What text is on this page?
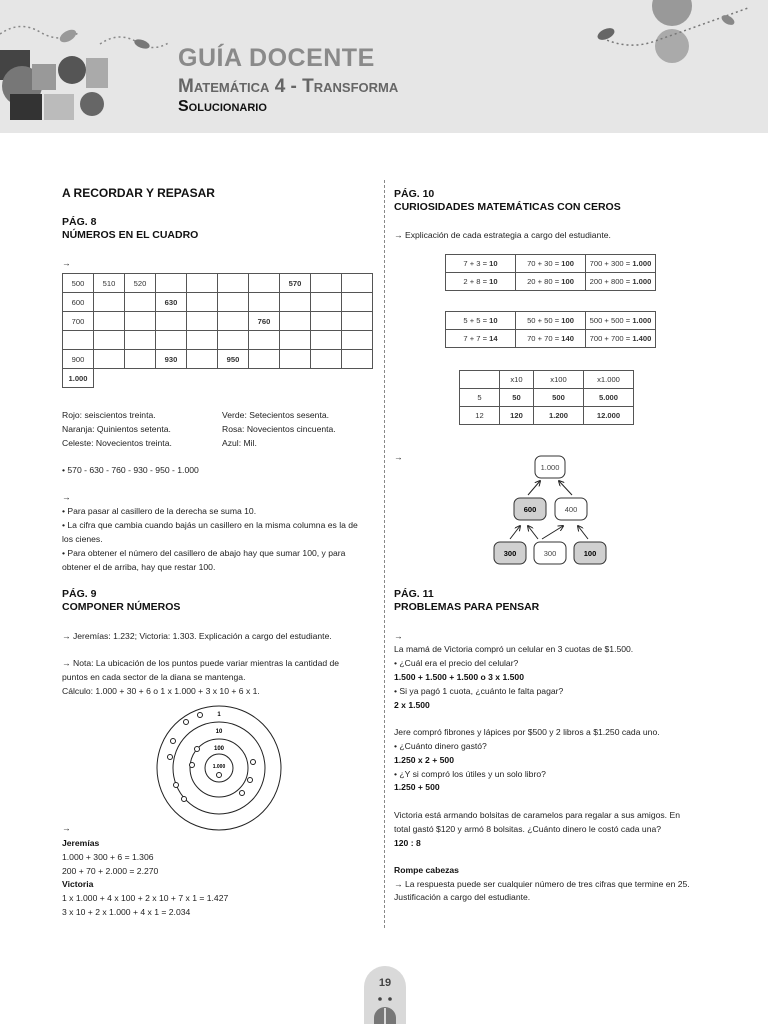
GUÍA DOCENTE
Matemática 4 - Transforma
Solucionario
A RECORDAR Y REPASAR
PÁG. 8
NÚMEROS EN EL CUADRO
→
500	510	520					570		
600			630						
700						760			

900			930		950				
1.000									
Rojo: seiscientos treinta.
Naranja: Quinientos setenta.
Celeste: Novecientos treinta.
Verde: Setecientos sesenta.
Rosa: Novecientos cincuenta.
Azul: Mil.
• 570 - 630 - 760 - 930 - 950 - 1.000
→
• Para pasar al casillero de la derecha se suma 10.
• La cifra que cambia cuando bajás un casillero en la misma columna es la de
los cienes.
• Para obtener el número del casillero de abajo hay que sumar 100, y para
obtener el de arriba, hay que restar 100.
PÁG. 9
COMPONER NÚMEROS
→ Jeremías: 1.232; Victoria: 1.303. Explicación a cargo del estudiante.
→ Nota: La ubicación de los puntos puede variar mientras la cantidad de
puntos en cada sector de la diana se mantenga.
Cálculo: 1.000 + 30 + 6 o 1 x 1.000 + 3 x 10 + 6 x 1.
1
10
100
1.000
→
Jeremías
1.000 + 300 + 6 = 1.306
200 + 70 + 2.000 = 2.270
Victoria
1 x 1.000 + 4 x 100 + 2 x 10 + 7 x 1 = 1.427
3 x 10 + 2 x 1.000 + 4 x 1 = 2.034
PÁG. 10
CURIOSIDADES MATEMÁTICAS CON CEROS
→ Explicación de cada estrategia a cargo del estudiante.
7 + 3 = 10	70 + 30 = 100	700 + 300 = 1.000
2 + 8 = 10	20 + 80 = 100	200 + 800 = 1.000
5 + 5 = 10	50 + 50 = 100	500 + 500 = 1.000
7 + 7 = 14	70 + 70 = 140	700 + 700 = 1.400
	x10	x100	x1.000
5	50	500	5.000
12	120	1.200	12.000
→
1.000
600	400
300	300	100
PÁG. 11
PROBLEMAS PARA PENSAR
→
La mamá de Victoria compró un celular en 3 cuotas de $1.500.
• ¿Cuál era el precio del celular?
1.500 + 1.500 + 1.500 o 3 x 1.500
• Si ya pagó 1 cuota, ¿cuánto le falta pagar?
2 x 1.500
Jere compró fibrones y lápices por $500 y 2 libros a $1.250 cada uno.
• ¿Cuánto dinero gastó?
1.250 x 2 + 500
• ¿Y si compró los útiles y un solo libro?
1.250 + 500
Victoria está armando bolsitas de caramelos para regalar a sus amigos. En
total gastó $120 y armó 8 bolsitas. ¿Cuánto dinero le costó cada una?
120 : 8
Rompe cabezas
→ La respuesta puede ser cualquier número de tres cifras que termine en 25.
Justificación a cargo del estudiante.
19
